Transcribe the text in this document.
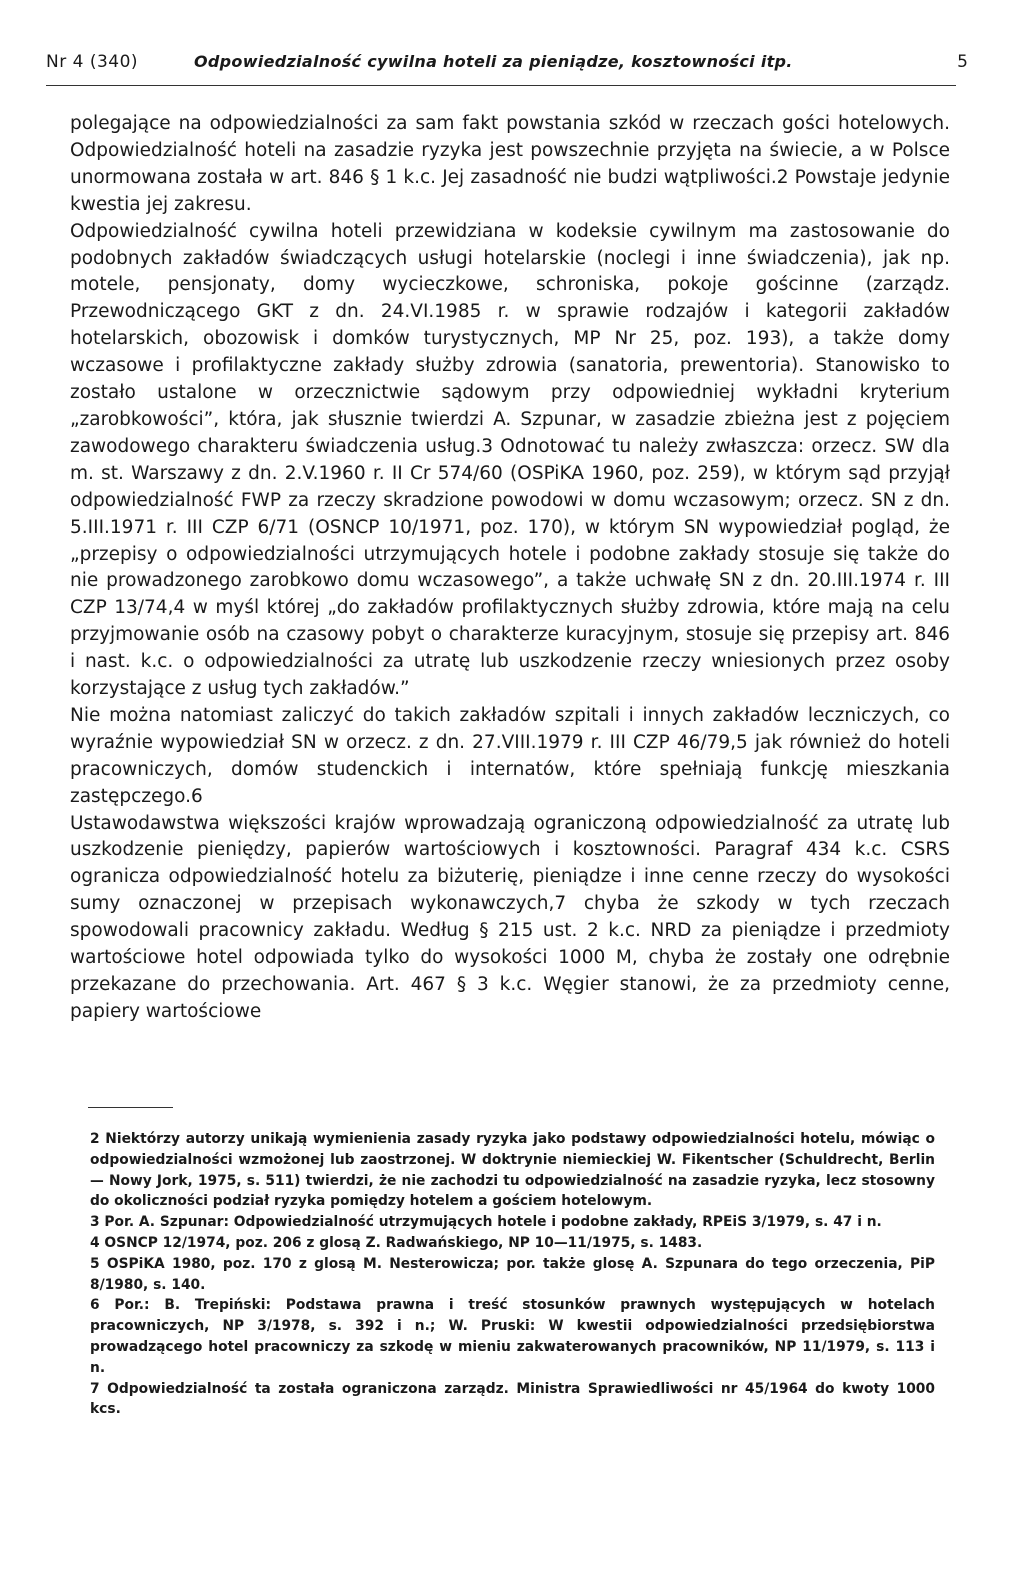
Nr 4 (340)	Odpowiedzialność cywilna hoteli za pieniądze, kosztowności itp.	5

polegające na odpowiedzialności za sam fakt powstania szkód w rzeczach gości hotelowych. Odpowiedzialność hoteli na zasadzie ryzyka jest powszechnie przyjęta na świecie, a w Polsce unormowana została w art. 846 § 1 k.c. Jej zasadność nie budzi wątpliwości.2 Powstaje jedynie kwestia jej zakresu.

Odpowiedzialność cywilna hoteli przewidziana w kodeksie cywilnym ma zastosowanie do podobnych zakładów świadczących usługi hotelarskie (noclegi i inne świadczenia), jak np. motele, pensjonaty, domy wycieczkowe, schroniska, pokoje gościnne (zarządz. Przewodniczącego GKT z dn. 24.VI.1985 r. w sprawie rodzajów i kategorii zakładów hotelarskich, obozowisk i domków turystycznych, MP Nr 25, poz. 193), a także domy wczasowe i profilaktyczne zakłady służby zdrowia (sanatoria, prewentoria). Stanowisko to zostało ustalone w orzecznictwie sądowym przy odpowiedniej wykładni kryterium „zarobkowości”, która, jak słusznie twierdzi A. Szpunar, w zasadzie zbieżna jest z pojęciem zawodowego charakteru świadczenia usług.3 Odnotować tu należy zwłaszcza: orzecz. SW dla m. st. Warszawy z dn. 2.V.1960 r. II Cr 574/60 (OSPiKA 1960, poz. 259), w którym sąd przyjął odpowiedzialność FWP za rzeczy skradzione powodowi w domu wczasowym; orzecz. SN z dn. 5.III.1971 r. III CZP 6/71 (OSNCP 10/1971, poz. 170), w którym SN wypowiedział pogląd, że „przepisy o odpowiedzialności utrzymujących hotele i podobne zakłady stosuje się także do nie prowadzonego zarobkowo domu wczasowego”, a także uchwałę SN z dn. 20.III.1974 r. III CZP 13/74,4 w myśl której „do zakładów profilaktycznych służby zdrowia, które mają na celu przyjmowanie osób na czasowy pobyt o charakterze kuracyjnym, stosuje się przepisy art. 846 i nast. k.c. o odpowiedzialności za utratę lub uszkodzenie rzeczy wniesionych przez osoby korzystające z usług tych zakładów.”

Nie można natomiast zaliczyć do takich zakładów szpitali i innych zakładów leczniczych, co wyraźnie wypowiedział SN w orzecz. z dn. 27.VIII.1979 r. III CZP 46/79,5 jak również do hoteli pracowniczych, domów studenckich i internatów, które spełniają funkcję mieszkania zastępczego.6

Ustawodawstwa większości krajów wprowadzają ograniczoną odpowiedzialność za utratę lub uszkodzenie pieniędzy, papierów wartościowych i kosztowności. Paragraf 434 k.c. CSRS ogranicza odpowiedzialność hotelu za biżuterię, pieniądze i inne cenne rzeczy do wysokości sumy oznaczonej w przepisach wykonawczych,7 chyba że szkody w tych rzeczach spowodowali pracownicy zakładu. Według § 215 ust. 2 k.c. NRD za pieniądze i przedmioty wartościowe hotel odpowiada tylko do wysokości 1000 M, chyba że zostały one odrębnie przekazane do przechowania. Art. 467 § 3 k.c. Węgier stanowi, że za przedmioty cenne, papiery wartościowe

2 Niektórzy autorzy unikają wymienienia zasady ryzyka jako podstawy odpowiedzialności hotelu, mówiąc o odpowiedzialności wzmożonej lub zaostrzonej. W doktrynie niemieckiej W. Fikentscher (Schuldrecht, Berlin — Nowy Jork, 1975, s. 511) twierdzi, że nie zachodzi tu odpowiedzialność na zasadzie ryzyka, lecz stosowny do okoliczności podział ryzyka pomiędzy hotelem a gościem hotelowym.

3 Por. A. Szpunar: Odpowiedzialność utrzymujących hotele i podobne zakłady, RPEiS 3/1979, s. 47 i n.

4 OSNCP 12/1974, poz. 206 z glosą Z. Radwańskiego, NP 10—11/1975, s. 1483.

5 OSPiKA 1980, poz. 170 z glosą M. Nesterowicza; por. także glosę A. Szpunara do tego orzeczenia, PiP 8/1980, s. 140.

6 Por.: B. Trepiński: Podstawa prawna i treść stosunków prawnych występujących w hotelach pracowniczych, NP 3/1978, s. 392 i n.; W. Pruski: W kwestii odpowiedzialności przedsiębiorstwa prowadzącego hotel pracowniczy za szkodę w mieniu zakwaterowanych pracowników, NP 11/1979, s. 113 i n.

7 Odpowiedzialność ta została ograniczona zarządz. Ministra Sprawiedliwości nr 45/1964 do kwoty 1000 kcs.
